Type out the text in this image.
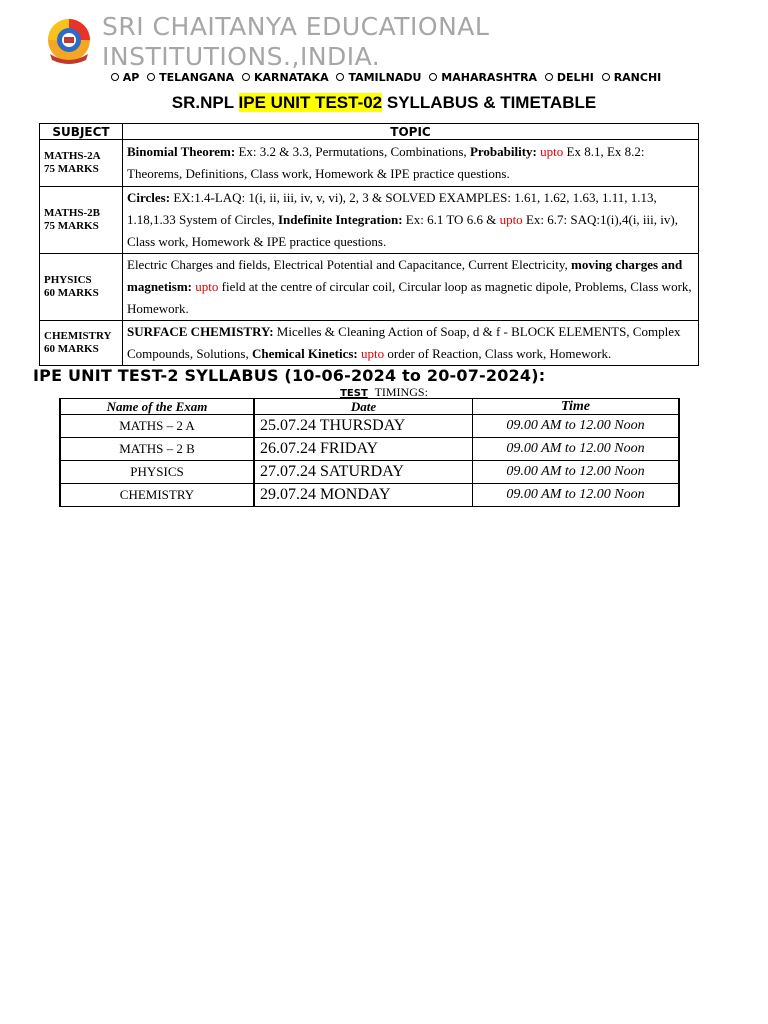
SRI CHAITANYA EDUCATIONAL
INSTITUTIONS.,INDIA.
AP TELANGANA KARNATAKA TAMILNADU MAHARASHTRA DELHI RANCHI
SR.NPL IPE UNIT TEST-02 SYLLABUS & TIMETABLE
SUBJECT	TOPIC

MATHS-2A
75 MARKS	Binomial Theorem: Ex: 3.2 & 3.3, Permutations, Combinations, Probability: upto Ex 8.1, Ex 8.2: Theorems, Definitions, Class work, Homework & IPE practice questions.

MATHS-2B
75 MARKS	Circles: EX:1.4-LAQ: 1(i, ii, iii, iv, v, vi), 2, 3 & SOLVED EXAMPLES: 1.61, 1.62, 1.63, 1.11, 1.13, 1.18,1.33 System of Circles, Indefinite Integration: Ex: 6.1 TO 6.6 & upto Ex: 6.7: SAQ:1(i),4(i, iii, iv), Class work, Homework & IPE practice questions.

PHYSICS
60 MARKS	Electric Charges and fields, Electrical Potential and Capacitance, Current Electricity, moving charges and magnetism: upto field at the centre of circular coil, Circular loop as magnetic dipole, Problems, Class work, Homework.

CHEMISTRY
60 MARKS	SURFACE CHEMISTRY: Micelles & Cleaning Action of Soap, d & f - BLOCK ELEMENTS, Complex Compounds, Solutions, Chemical Kinetics: upto order of Reaction, Class work, Homework.
IPE UNIT TEST-2 SYLLABUS (10-06-2024 to 20-07-2024):
TEST TIMINGS:
Name of the Exam	Date	Time
MATHS – 2 A	25.07.24 THURSDAY	09.00 AM to 12.00 Noon
MATHS – 2 B	26.07.24 FRIDAY	09.00 AM to 12.00 Noon
PHYSICS	27.07.24 SATURDAY	09.00 AM to 12.00 Noon
CHEMISTRY	29.07.24 MONDAY	09.00 AM to 12.00 Noon
